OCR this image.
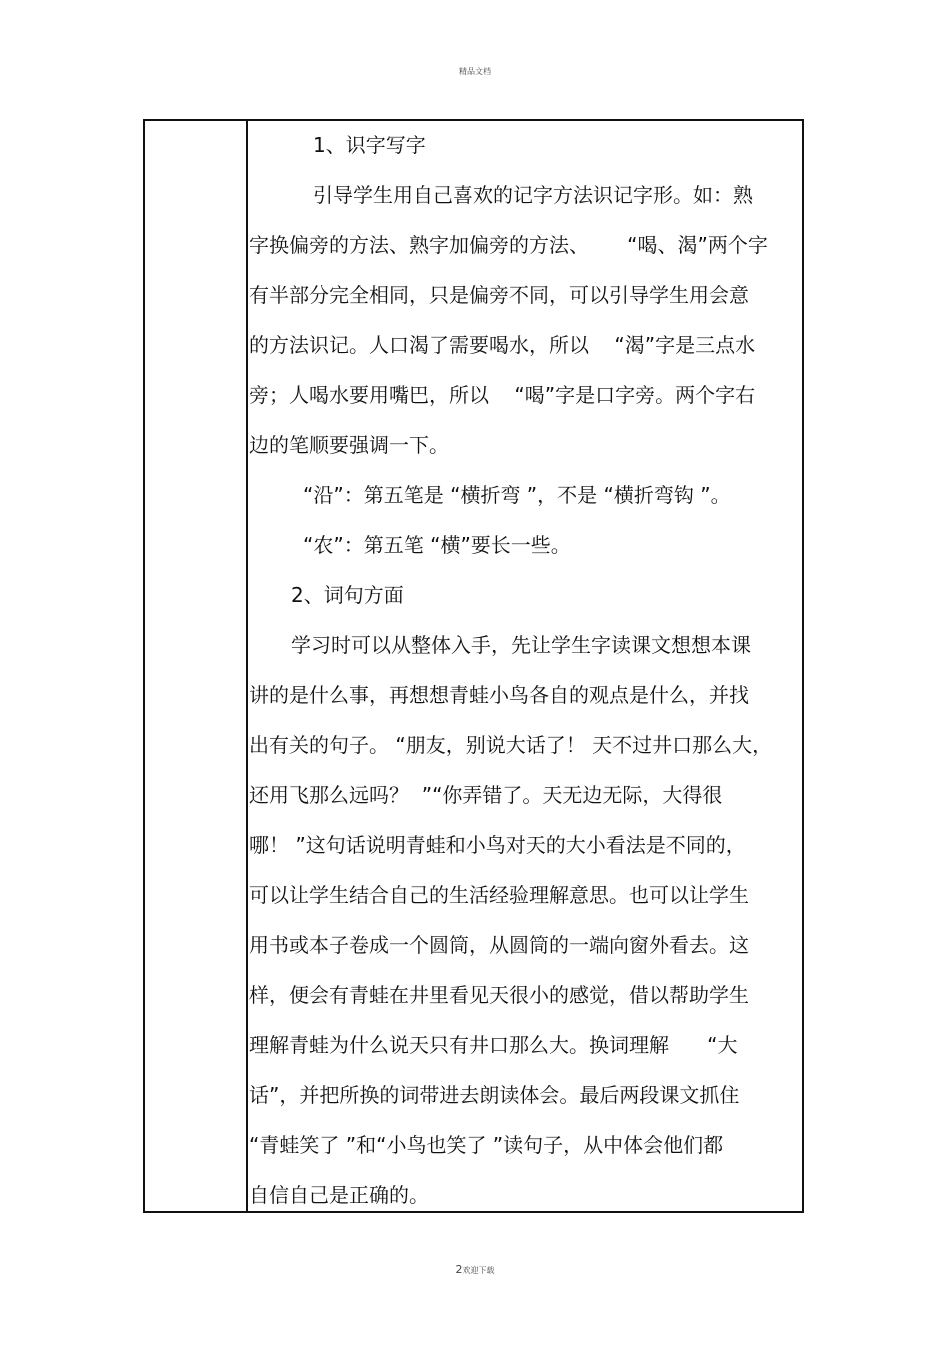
精品文档
1、识字写字
引导学生用自己喜欢的记字方法识记字形。如：熟
字换偏旁的方法、熟字加偏旁的方法、      “喝、渴”两个字
有半部分完全相同，只是偏旁不同，可以引导学生用会意
的方法识记。人口渴了需要喝水，所以    “渴”字是三点水
旁；人喝水要用嘴巴，所以    “喝”字是口字旁。两个字右
边的笔顺要强调一下。
“沿”：第五笔是 “横折弯 ”，不是 “横折弯钩 ”。
“农”：第五笔 “横”要长一些。
2、词句方面
学习时可以从整体入手，先让学生字读课文想想本课
讲的是什么事，再想想青蛙小鸟各自的观点是什么，并找
出有关的句子。 “朋友，别说大话了！ 天不过井口那么大，
还用飞那么远吗？  ”“你弄错了。天无边无际，大得很
哪！ ”这句话说明青蛙和小鸟对天的大小看法是不同的，
可以让学生结合自己的生活经验理解意思。也可以让学生
用书或本子卷成一个圆筒，从圆筒的一端向窗外看去。这
样，便会有青蛙在井里看见天很小的感觉，借以帮助学生
理解青蛙为什么说天只有井口那么大。换词理解      “大
话”，并把所换的词带进去朗读体会。最后两段课文抓住
“青蛙笑了 ”和“小鸟也笑了 ”读句子，从中体会他们都
自信自己是正确的。
2欢迎下载
